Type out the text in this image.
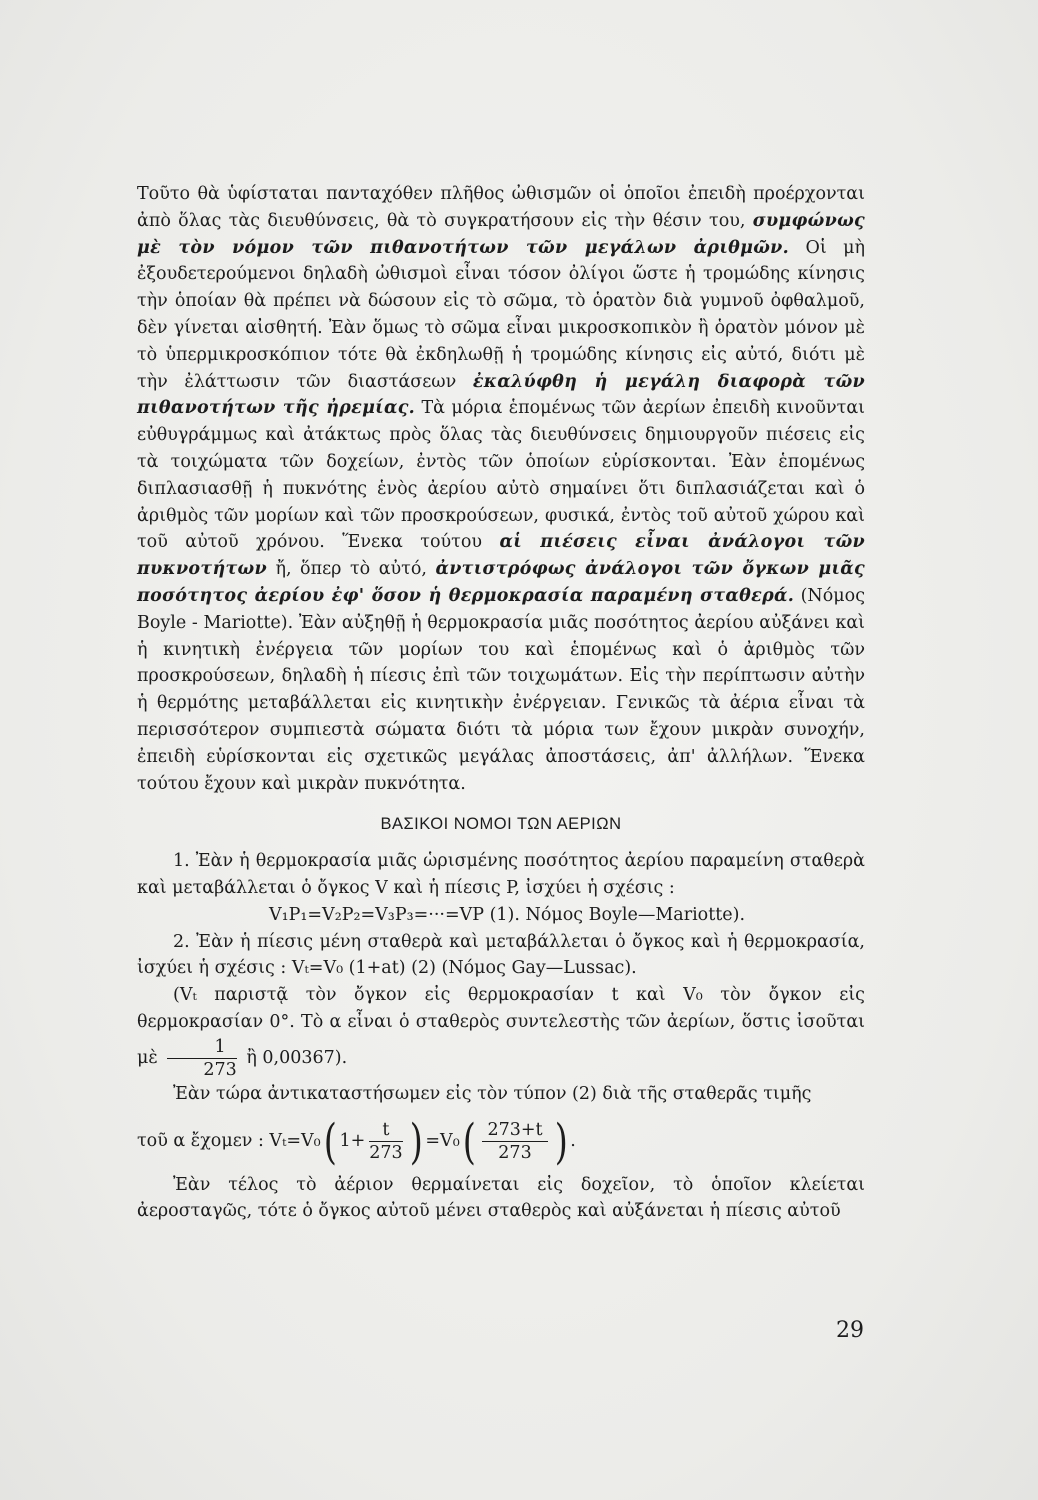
Τοῦτο θὰ ὑφίσταται πανταχόθεν πλῆθος ὠθισμῶν οἱ ὁποῖοι ἐπειδὴ προέρχονται ἀπὸ ὅλας τὰς διευθύνσεις, θὰ τὸ συγκρατήσουν εἰς τὴν θέσιν του, συμφώνως μὲ τὸν νόμον τῶν πιθανοτήτων τῶν μεγάλων ἀριθμῶν. Οἱ μὴ ἐξουδετερούμενοι δηλαδὴ ὠθισμοὶ εἶναι τόσον ὀλίγοι ὥστε ἡ τρομώδης κίνησις τὴν ὁποίαν θὰ πρέπει νὰ δώσουν εἰς τὸ σῶμα, τὸ ὁρατὸν διὰ γυμνοῦ ὀφθαλμοῦ, δὲν γίνεται αἰσθητή. Ἐὰν ὅμως τὸ σῶμα εἶναι μικροσκοπικὸν ἢ ὁρατὸν μόνον μὲ τὸ ὑπερμικροσκόπιον τότε θὰ ἐκδηλωθῇ ἡ τρομώδης κίνησις εἰς αὐτό, διότι μὲ τὴν ἐλάττωσιν τῶν διαστάσεων ἐκαλύφθη ἡ μεγάλη διαφορὰ τῶν πιθανοτήτων τῆς ἠρεμίας. Τὰ μόρια ἑπομένως τῶν ἀερίων ἐπειδὴ κινοῦνται εὐθυγράμμως καὶ ἀτάκτως πρὸς ὅλας τὰς διευθύνσεις δημιουργοῦν πιέσεις εἰς τὰ τοιχώματα τῶν δοχείων, ἐντὸς τῶν ὁποίων εὑρίσκονται. Ἐὰν ἑπομένως διπλασιασθῇ ἡ πυκνότης ἑνὸς ἀερίου αὐτὸ σημαίνει ὅτι διπλασιάζεται καὶ ὁ ἀριθμὸς τῶν μορίων καὶ τῶν προσκρούσεων, φυσικά, ἐντὸς τοῦ αὐτοῦ χώρου καὶ τοῦ αὐτοῦ χρόνου. Ἕνεκα τούτου αἱ πιέσεις εἶναι ἀνάλογοι τῶν πυκνοτήτων ἤ, ὅπερ τὸ αὐτό, ἀντιστρόφως ἀνάλογοι τῶν ὄγκων μιᾶς ποσότητος ἀερίου ἐφ' ὅσον ἡ θερμοκρασία παραμένη σταθερά. (Νόμος Boyle - Mariotte). Ἐὰν αὐξηθῇ ἡ θερμοκρασία μιᾶς ποσότητος ἀερίου αὐξάνει καὶ ἡ κινητικὴ ἐνέργεια τῶν μορίων του καὶ ἑπομένως καὶ ὁ ἀριθμὸς τῶν προσκρούσεων, δηλαδὴ ἡ πίεσις ἐπὶ τῶν τοιχωμάτων. Εἰς τὴν περίπτωσιν αὐτὴν ἡ θερμότης μεταβάλλεται εἰς κινητικὴν ἐνέργειαν. Γενικῶς τὰ ἀέρια εἶναι τὰ περισσότερον συμπιεστὰ σώματα διότι τὰ μόρια των ἔχουν μικρὰν συνοχήν, ἐπειδὴ εὑρίσκονται εἰς σχετικῶς μεγάλας ἀποστάσεις, ἀπ' ἀλλήλων. Ἕνεκα τούτου ἔχουν καὶ μικρὰν πυκνότητα.

ΒΑΣΙΚΟΙ ΝΟΜΟΙ ΤΩΝ ΑΕΡΙΩΝ

1. Ἐὰν ἡ θερμοκρασία μιᾶς ὡρισμένης ποσότητος ἀερίου παραμείνη σταθερὰ καὶ μεταβάλλεται ὁ ὄγκος V καὶ ἡ πίεσις P, ἰσχύει ἡ σχέσις :

V₁P₁=V₂P₂=V₃P₃=···=VP (1). Νόμος Boyle—Mariotte).

2. Ἐὰν ἡ πίεσις μένη σταθερὰ καὶ μεταβάλλεται ὁ ὄγκος καὶ ἡ θερμοκρασία, ἰσχύει ἡ σχέσις : Vₜ=V₀ (1+at) (2) (Νόμος Gay—Lussac).

(Vₜ παριστᾷ τὸν ὄγκον εἰς θερμοκρασίαν t καὶ V₀ τὸν ὄγκον εἰς θερμοκρασίαν 0°. Τὸ α εἶναι ὁ σταθερὸς συντελεστὴς τῶν ἀερίων, ὅστις ἰσοῦται μὲ $\frac{1}{273}$ ἢ 0,00367).

Ἐὰν τώρα ἀντικαταστήσωμεν εἰς τὸν τύπον (2) διὰ τῆς σταθερᾶς τιμῆς

τοῦ α ἔχομεν : Vₜ=V₀ ( $1+ \frac{t}{273}$ ) =V₀ ( $\frac{273+t}{273}$ ) .

Ἐὰν τέλος τὸ ἀέριον θερμαίνεται εἰς δοχεῖον, τὸ ὁποῖον κλείεται ἀεροσταγῶς, τότε ὁ ὄγκος αὐτοῦ μένει σταθερὸς καὶ αὐξάνεται ἡ πίεσις αὐτοῦ

29
